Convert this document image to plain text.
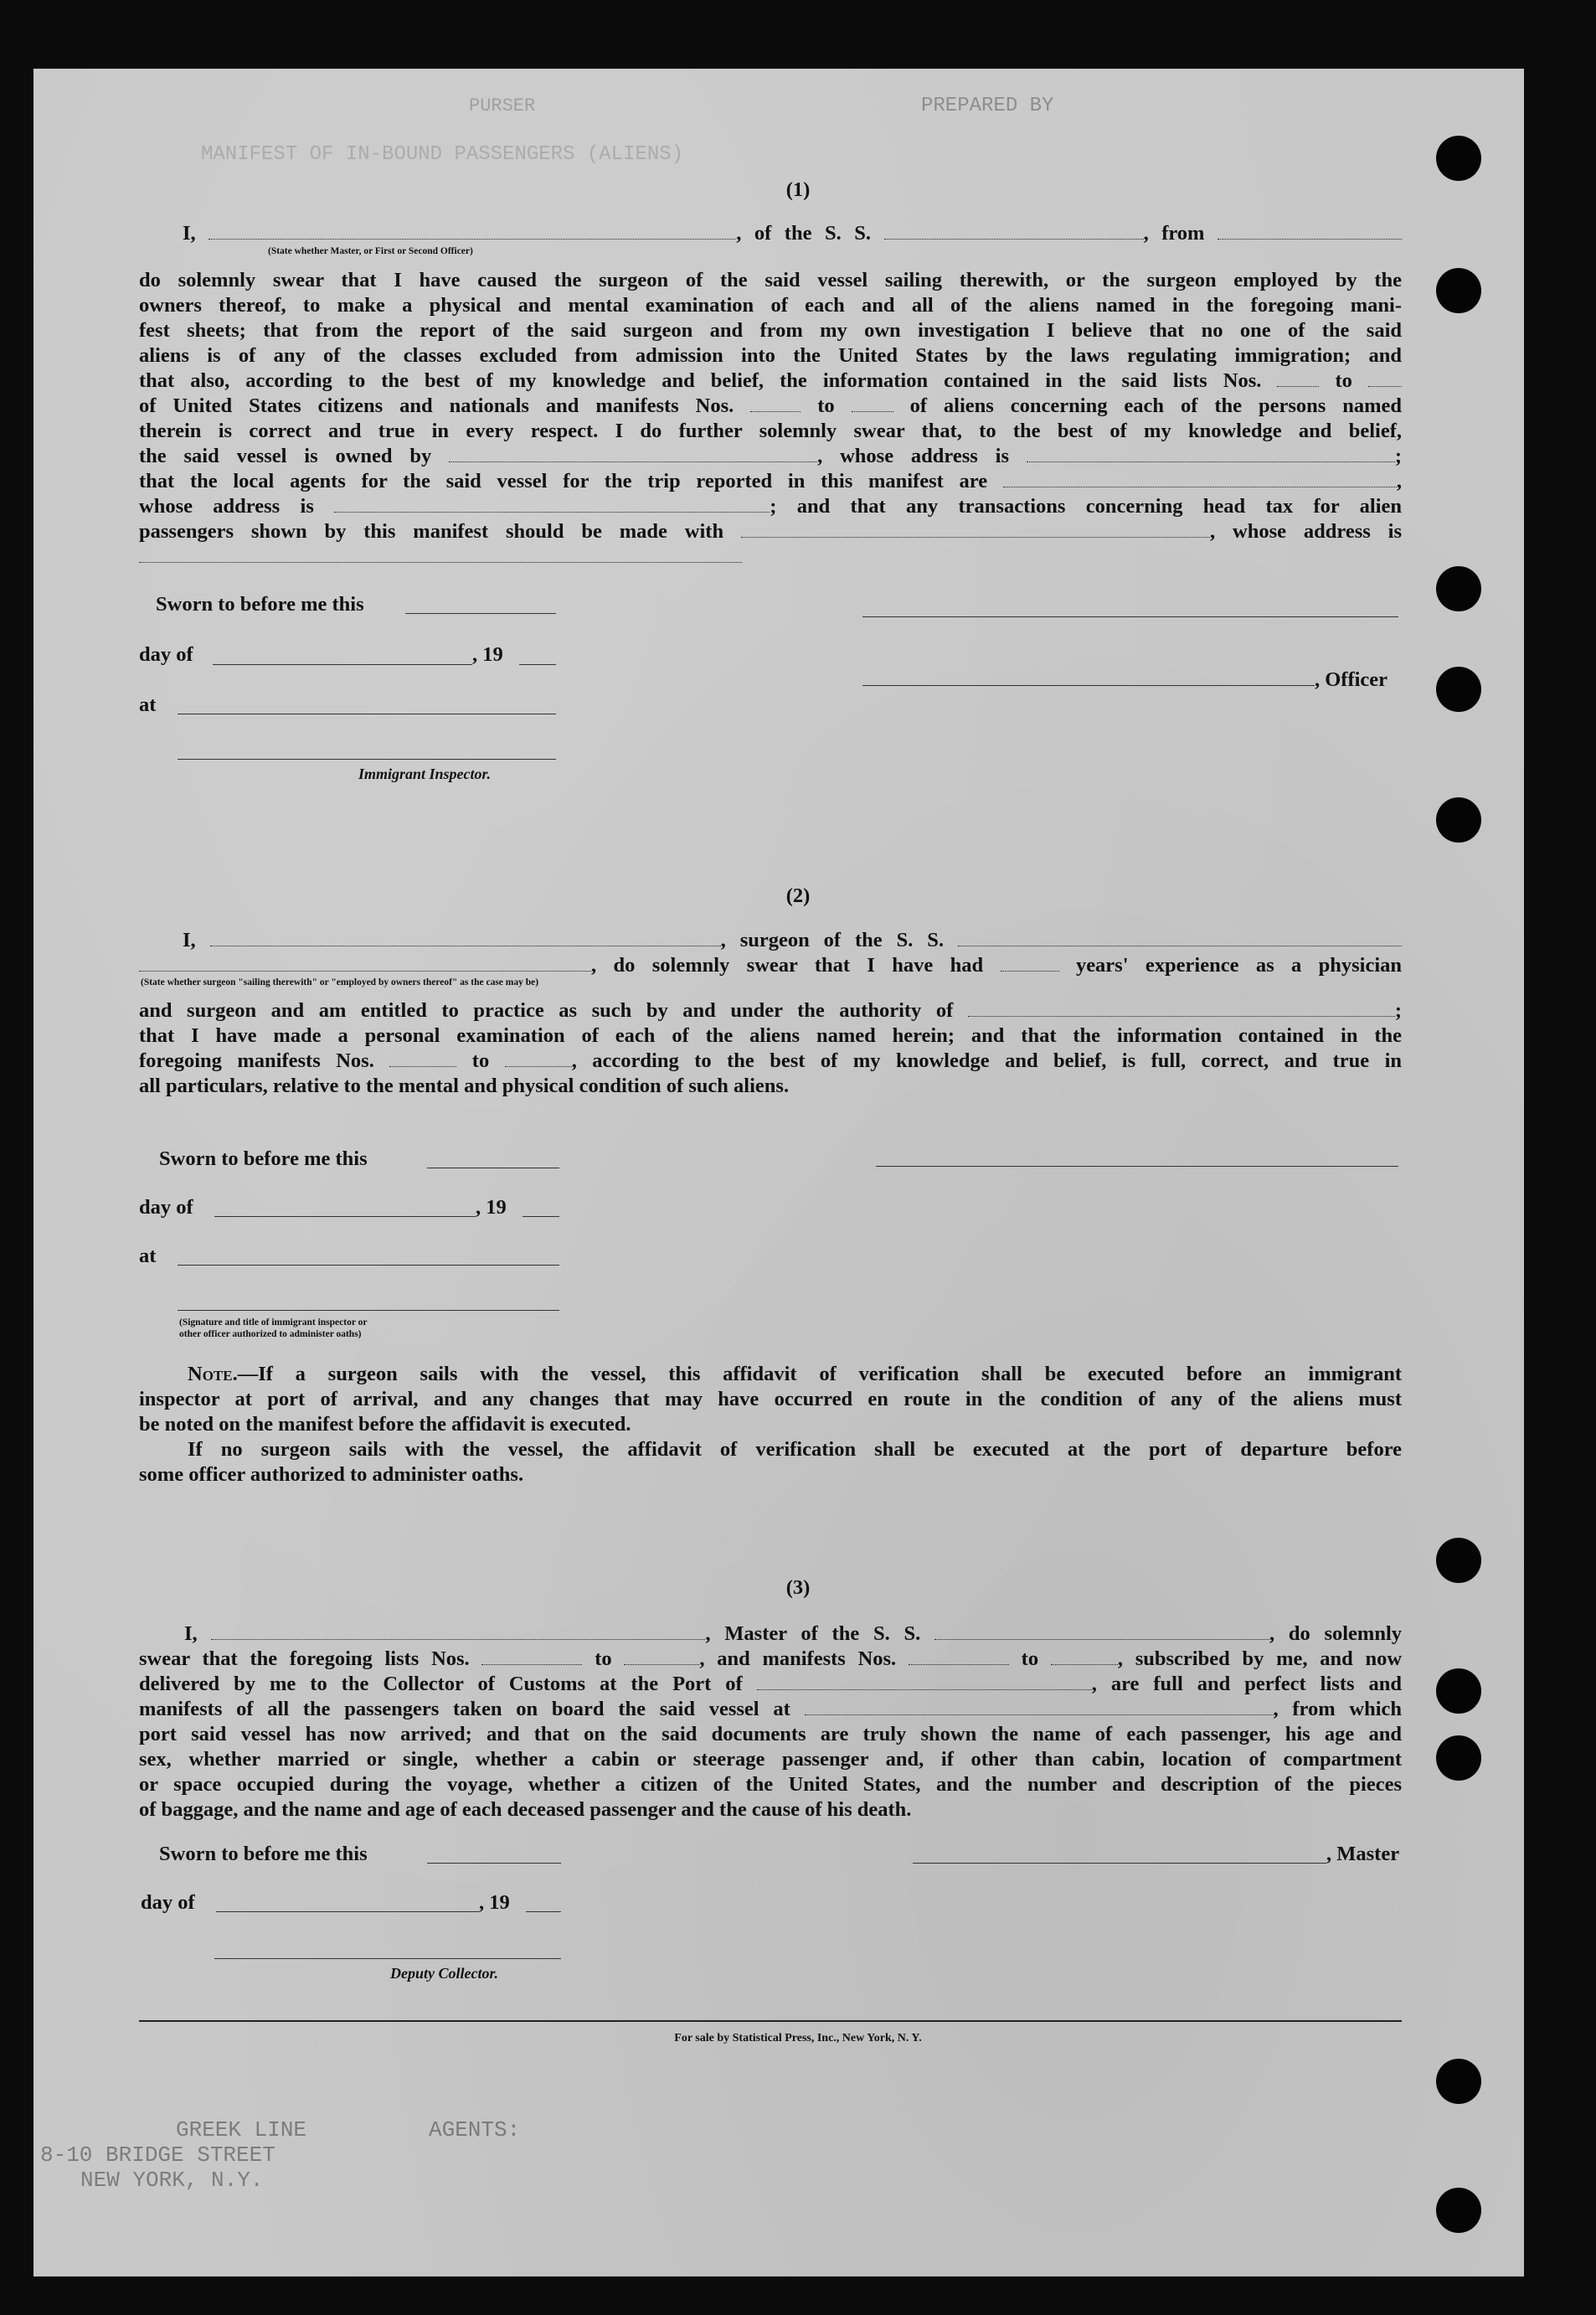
PREPARED BY
PURSER
MANIFEST OF IN-BOUND PASSENGERS (ALIENS)
(1)
I,	, of the S. S.	, from
(State whether Master, or First or Second Officer)
do solemnly swear that I have caused the surgeon of the said vessel sailing therewith, or the surgeon employed by the
owners thereof, to make a physical and mental examination of each and all of the aliens named in the foregoing mani-
fest sheets; that from the report of the said surgeon and from my own investigation I believe that no one of the said
aliens is of any of the classes excluded from admission into the United States by the laws regulating immigration; and
that also, according to the best of my knowledge and belief, the information contained in the said lists Nos.	to
of United States citizens and nationals and manifests Nos.	to	of aliens concerning each of the persons named
therein is correct and true in every respect. I do further solemnly swear that, to the best of my knowledge and belief,
the said vessel is owned by	, whose address is	;
that the local agents for the said vessel for the trip reported in this manifest are	,
whose address is	; and that any transactions concerning head tax for alien
passengers shown by this manifest should be made with	, whose address is
Sworn to before me this
day of	, 19
, Officer
at
Immigrant Inspector.
(2)
I,	, surgeon of the S. S.
, do solemnly swear that I have had	years' experience as a physician
(State whether surgeon "sailing therewith" or "employed by owners thereof" as the case may be)
and surgeon and am entitled to practice as such by and under the authority of	;
that I have made a personal examination of each of the aliens named herein; and that the information contained in the
foregoing manifests Nos.	to	, according to the best of my knowledge and belief, is full, correct, and true in
all particulars, relative to the mental and physical condition of such aliens.
Sworn to before me this
day of	, 19
at
(Signature and title of immigrant inspector or
other officer authorized to administer oaths)
Note.—If a surgeon sails with the vessel, this affidavit of verification shall be executed before an immigrant
inspector at port of arrival, and any changes that may have occurred en route in the condition of any of the aliens must
be noted on the manifest before the affidavit is executed.
If no surgeon sails with the vessel, the affidavit of verification shall be executed at the port of departure before
some officer authorized to administer oaths.
(3)
I,	, Master of the S. S.	, do solemnly
swear that the foregoing lists Nos.	to	, and manifests Nos.	to	, subscribed by me, and now
delivered by me to the Collector of Customs at the Port of	, are full and perfect lists and
manifests of all the passengers taken on board the said vessel at	, from which
port said vessel has now arrived; and that on the said documents are truly shown the name of each passenger, his age and
sex, whether married or single, whether a cabin or steerage passenger and, if other than cabin, location of compartment
or space occupied during the voyage, whether a citizen of the United States, and the number and description of the pieces
of baggage, and the name and age of each deceased passenger and the cause of his death.
Sworn to before me this	, Master
day of	, 19
Deputy Collector.
For sale by Statistical Press, Inc., New York, N. Y.
AGENTS:
GREEK LINE
8-10 BRIDGE STREET
NEW YORK, N.Y.
